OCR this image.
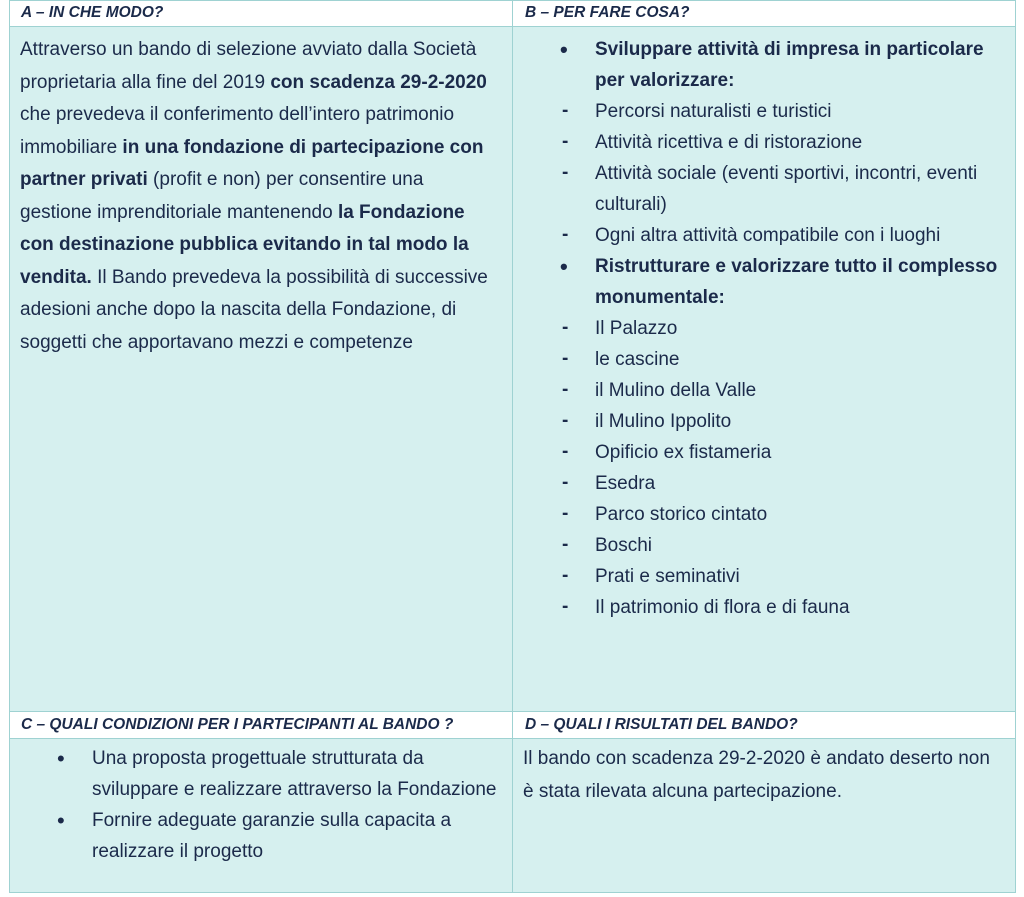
A – IN CHE MODO?	B – PER FARE COSA?
C – QUALI CONDIZIONI PER I PARTECIPANTI AL BANDO ?	D – QUALI I RISULTATI DEL BANDO?
Attraverso un bando di selezione avviato dalla Società proprietaria alla fine del 2019 con scadenza 29-2-2020 che prevedeva il conferimento dell’intero patrimonio immobiliare in una fondazione di partecipazione con partner privati (profit e non) per consentire una gestione imprenditoriale mantenendo la Fondazione con destinazione pubblica evitando in tal modo la vendita. Il Bando prevedeva la possibilità di successive adesioni anche dopo la nascita della Fondazione, di soggetti che apportavano mezzi e competenze
• Sviluppare attività di impresa in particolare per valorizzare:
- Percorsi naturalisti e turistici
- Attività ricettiva e di ristorazione
- Attività sociale (eventi sportivi, incontri, eventi culturali)
- Ogni altra attività compatibile con i luoghi
• Ristrutturare e valorizzare tutto il complesso monumentale:
- Il Palazzo
- le cascine
- il Mulino della Valle
- il Mulino Ippolito
- Opificio ex fistameria
- Esedra
- Parco storico cintato
- Boschi
- Prati e seminativi
- Il patrimonio di flora e di fauna
• Una proposta progettuale strutturata da sviluppare e realizzare attraverso la Fondazione
• Fornire adeguate garanzie sulla capacita a realizzare il progetto
Il bando con scadenza 29-2-2020 è andato deserto non è stata rilevata alcuna partecipazione.
